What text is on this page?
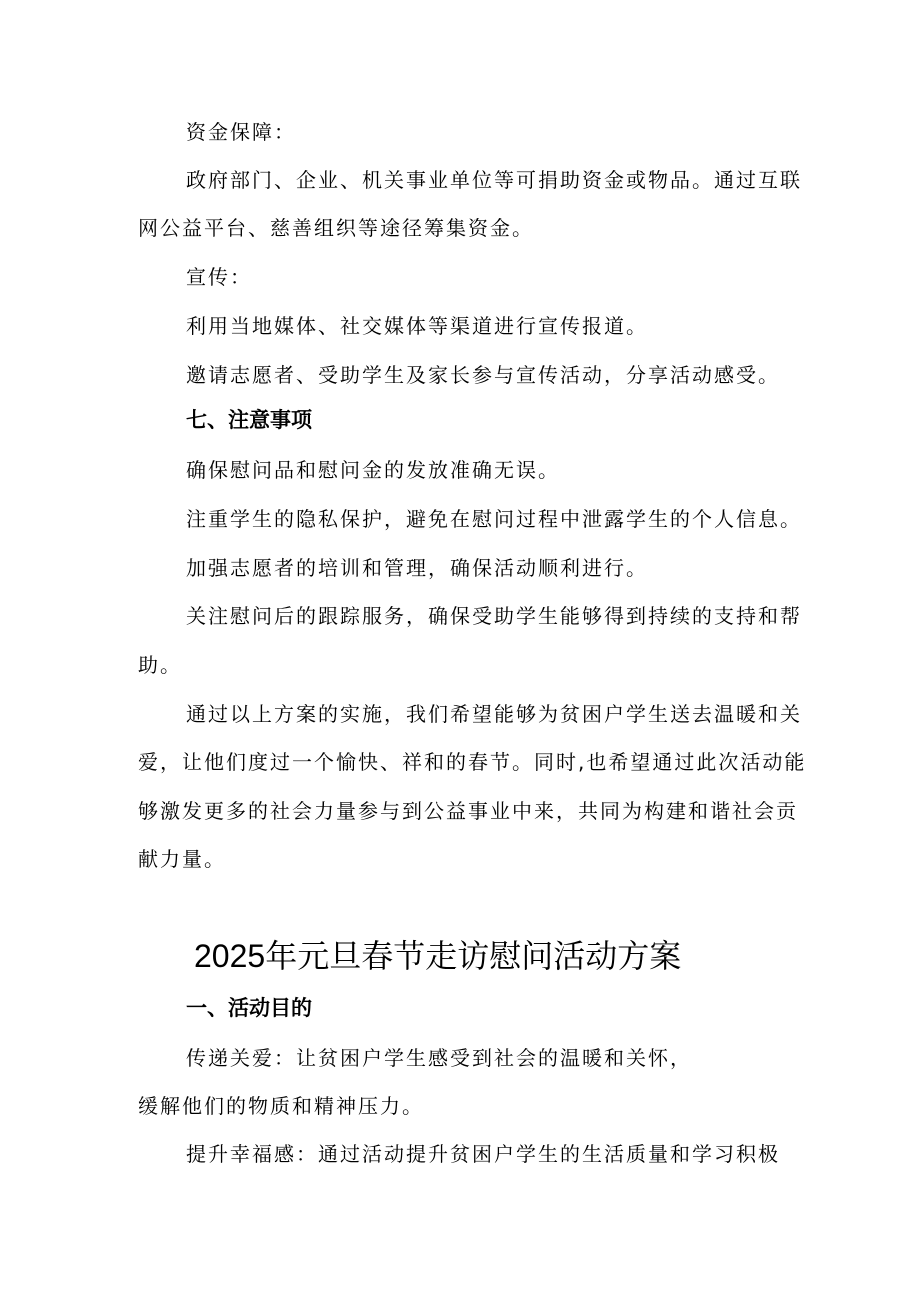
资金保障：

政府部门、企业、机关事业单位等可捐助资金或物品。通过互联

网公益平台、慈善组织等途径筹集资金。

宣传：

利用当地媒体、社交媒体等渠道进行宣传报道。

邀请志愿者、受助学生及家长参与宣传活动，分享活动感受。

七、注意事项

确保慰问品和慰问金的发放准确无误。

注重学生的隐私保护，避免在慰问过程中泄露学生的个人信息。

加强志愿者的培训和管理，确保活动顺利进行。

关注慰问后的跟踪服务，确保受助学生能够得到持续的支持和帮

助。

通过以上方案的实施，我们希望能够为贫困户学生送去温暖和关

爱，让他们度过一个愉快、祥和的春节。同时,也希望通过此次活动能

够激发更多的社会力量参与到公益事业中来，共同为构建和谐社会贡

献力量。

2025年元旦春节走访慰问活动方案

一、活动目的

传递关爱：让贫困户学生感受到社会的温暖和关怀，

缓解他们的物质和精神压力。

提升幸福感：通过活动提升贫困户学生的生活质量和学习积极
